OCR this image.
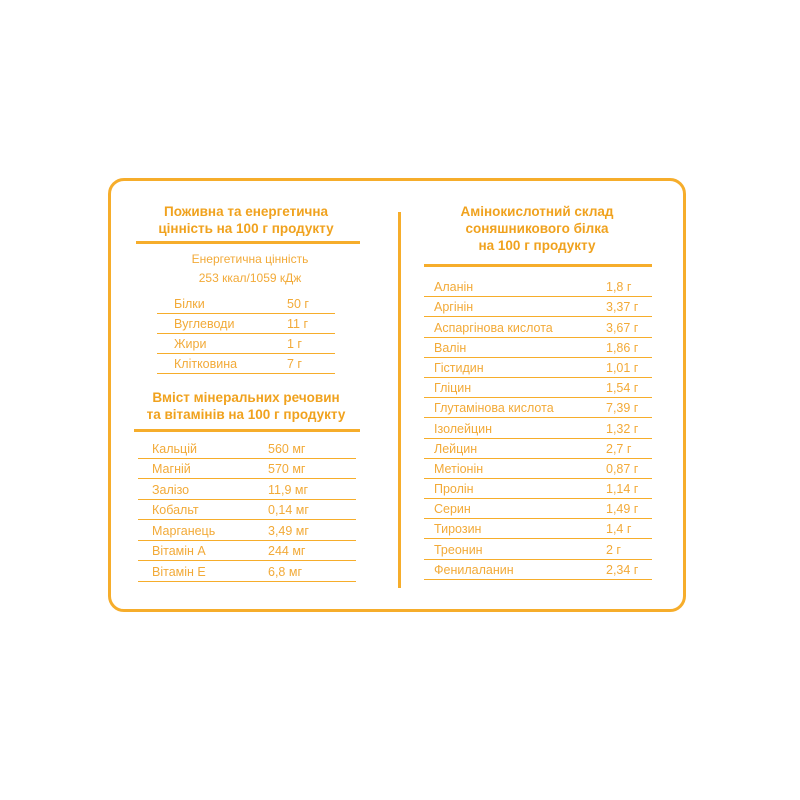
Поживна та енергетична
цінність на 100 г продукту
Енергетична цінність
253 ккал/1059 кДж
Білки	50 г
Вуглеводи	11 г
Жири	1 г
Клітковина	7 г
Вміст мінеральних речовин
та вітамінів на 100 г продукту
Кальцій	560 мг
Магній	570 мг
Залізо	11,9 мг
Кобальт	0,14 мг
Марганець	3,49 мг
Вітамін А	244 мг
Вітамін Е	6,8 мг
Амінокислотний склад
соняшникового білка
на 100 г продукту
Аланін	1,8 г
Аргінін	3,37 г
Аспаргінова кислота	3,67 г
Валін	1,86 г
Гістидин	1,01 г
Гліцин	1,54 г
Глутамінова кислота	7,39 г
Ізолейцин	1,32 г
Лейцин	2,7 г
Метіонін	0,87 г
Пролін	1,14 г
Серин	1,49 г
Тирозин	1,4 г
Треонин	2 г
Фенилаланин	2,34 г
